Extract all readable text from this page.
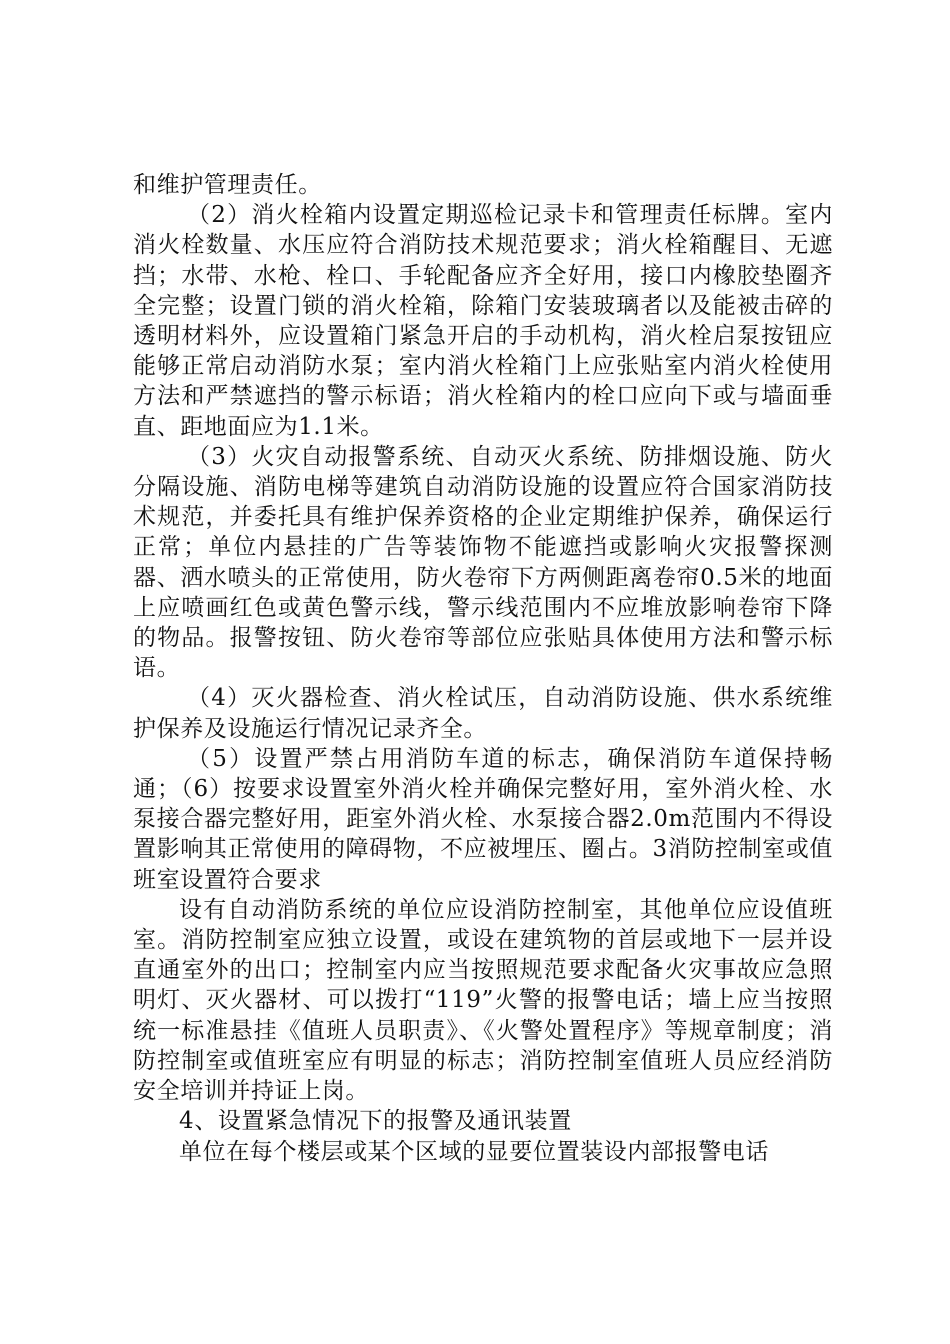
和维护管理责任。

（2）消火栓箱内设置定期巡检记录卡和管理责任标牌。室内消火栓数量、水压应符合消防技术规范要求；消火栓箱醒目、无遮挡；水带、水枪、栓口、手轮配备应齐全好用，接口内橡胶垫圈齐全完整；设置门锁的消火栓箱，除箱门安装玻璃者以及能被击碎的透明材料外，应设置箱门紧急开启的手动机构，消火栓启泵按钮应能够正常启动消防水泵；室内消火栓箱门上应张贴室内消火栓使用方法和严禁遮挡的警示标语；消火栓箱内的栓口应向下或与墙面垂直、距地面应为1.1米。

（3）火灾自动报警系统、自动灭火系统、防排烟设施、防火分隔设施、消防电梯等建筑自动消防设施的设置应符合国家消防技术规范，并委托具有维护保养资格的企业定期维护保养，确保运行正常；单位内悬挂的广告等装饰物不能遮挡或影响火灾报警探测器、洒水喷头的正常使用，防火卷帘下方两侧距离卷帘0.5米的地面上应喷画红色或黄色警示线，警示线范围内不应堆放影响卷帘下降的物品。报警按钮、防火卷帘等部位应张贴具体使用方法和警示标语。

（4）灭火器检查、消火栓试压，自动消防设施、供水系统维护保养及设施运行情况记录齐全。

（5）设置严禁占用消防车道的标志，确保消防车道保持畅通；（6）按要求设置室外消火栓并确保完整好用，室外消火栓、水泵接合器完整好用，距室外消火栓、水泵接合器2.0m范围内不得设置影响其正常使用的障碍物，不应被埋压、圈占。3消防控制室或值班室设置符合要求

设有自动消防系统的单位应设消防控制室，其他单位应设值班室。消防控制室应独立设置，或设在建筑物的首层或地下一层并设直通室外的出口；控制室内应当按照规范要求配备火灾事故应急照明灯、灭火器材、可以拨打“119”火警的报警电话；墙上应当按照统一标准悬挂《值班人员职责》、《火警处置程序》等规章制度；消防控制室或值班室应有明显的标志；消防控制室值班人员应经消防安全培训并持证上岗。

4、设置紧急情况下的报警及通讯装置

单位在每个楼层或某个区域的显要位置装设内部报警电话
